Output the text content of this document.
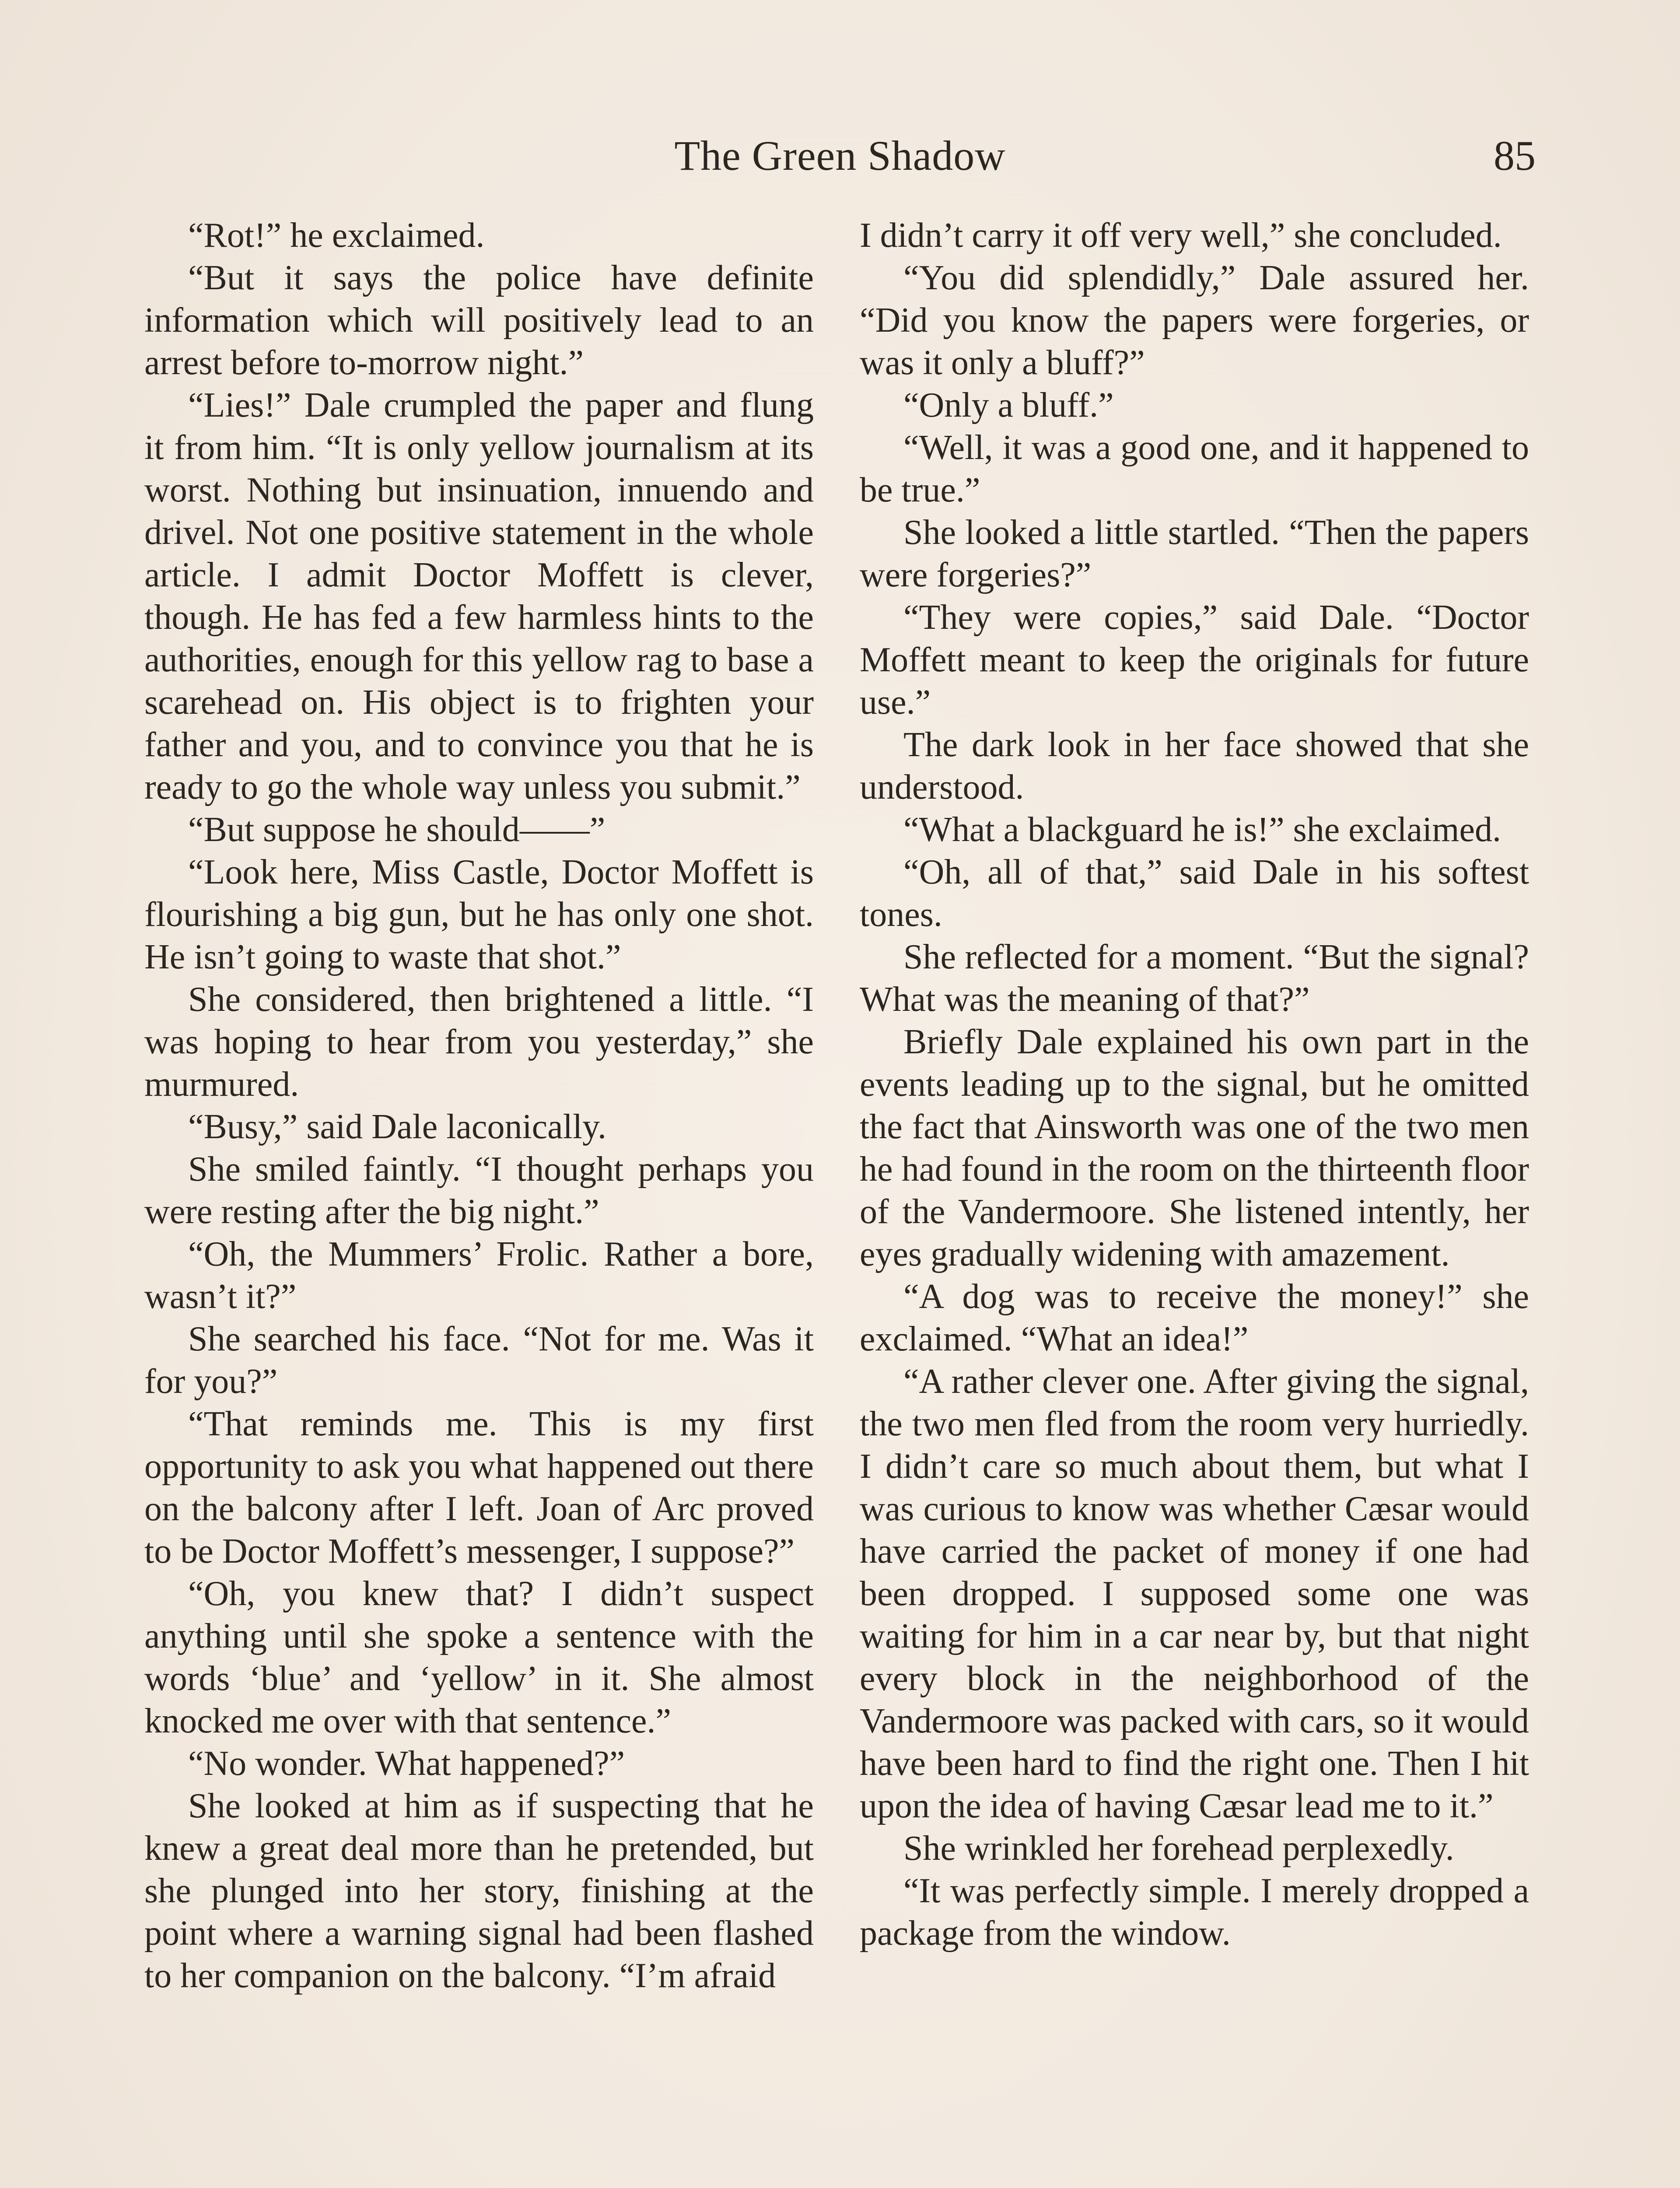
The Green Shadow	85

“Rot!” he exclaimed.

“But it says the police have definite information which will positively lead to an arrest before to-morrow night.”

“Lies!” Dale crumpled the paper and flung it from him. “It is only yellow journalism at its worst. Nothing but insinuation, innuendo and drivel. Not one positive statement in the whole article. I admit Doctor Moffett is clever, though. He has fed a few harmless hints to the authorities, enough for this yellow rag to base a scarehead on. His object is to frighten your father and you, and to convince you that he is ready to go the whole way unless you submit.”

“But suppose he should——”

“Look here, Miss Castle, Doctor Moffett is flourishing a big gun, but he has only one shot. He isn’t going to waste that shot.”

She considered, then brightened a little. “I was hoping to hear from you yesterday,” she murmured.

“Busy,” said Dale laconically.

She smiled faintly. “I thought perhaps you were resting after the big night.”

“Oh, the Mummers’ Frolic. Rather a bore, wasn’t it?”

She searched his face. “Not for me. Was it for you?”

“That reminds me. This is my first opportunity to ask you what happened out there on the balcony after I left. Joan of Arc proved to be Doctor Moffett’s messenger, I suppose?”

“Oh, you knew that? I didn’t suspect anything until she spoke a sentence with the words ‘blue’ and ‘yellow’ in it. She almost knocked me over with that sentence.”

“No wonder. What happened?”

She looked at him as if suspecting that he knew a great deal more than he pretended, but she plunged into her story, finishing at the point where a warning signal had been flashed to her companion on the balcony. “I’m afraid

I didn’t carry it off very well,” she concluded.

“You did splendidly,” Dale assured her. “Did you know the papers were forgeries, or was it only a bluff?”

“Only a bluff.”

“Well, it was a good one, and it happened to be true.”

She looked a little startled. “Then the papers were forgeries?”

“They were copies,” said Dale. “Doctor Moffett meant to keep the originals for future use.”

The dark look in her face showed that she understood.

“What a blackguard he is!” she exclaimed.

“Oh, all of that,” said Dale in his softest tones.

She reflected for a moment. “But the signal? What was the meaning of that?”

Briefly Dale explained his own part in the events leading up to the signal, but he omitted the fact that Ainsworth was one of the two men he had found in the room on the thirteenth floor of the Vandermoore. She listened intently, her eyes gradually widening with amazement.

“A dog was to receive the money!” she exclaimed. “What an idea!”

“A rather clever one. After giving the signal, the two men fled from the room very hurriedly. I didn’t care so much about them, but what I was curious to know was whether Cæsar would have carried the packet of money if one had been dropped. I supposed some one was waiting for him in a car near by, but that night every block in the neighborhood of the Vandermoore was packed with cars, so it would have been hard to find the right one. Then I hit upon the idea of having Cæsar lead me to it.”

She wrinkled her forehead perplexedly.

“It was perfectly simple. I merely dropped a package from the window.
